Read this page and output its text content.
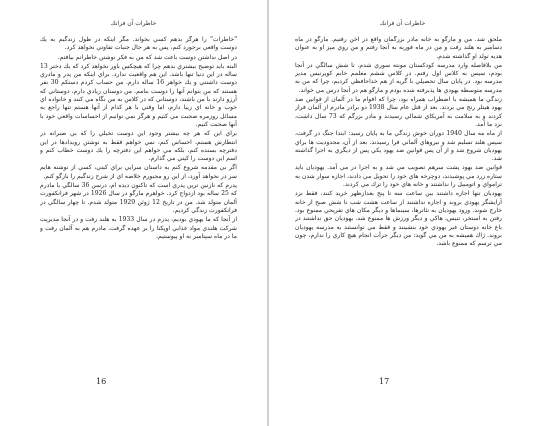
خاطرات آن فرانك

"خاطرات" را هرگز بدهم كسي بخواند. مگر اينكه در طول زندگيم به يك دوست واقعي برخورد كنم، پس به هر حال جنبات تفاوتي نخواهد كرد.

در اصل نداشتن دوست باعث شد كه من به فكر نوشتن خاطراتم بيافتم.

البته بايد توضيح بيشتري بدهم چرا كه هيچكس باور نخواهد كرد كه يك دختر 13 ساله در اين دنيا تنها باشد. اين هم واقعيت ندارد. براي اينكه من پدر و مادري دوست داشتني و يك خواهر 16 ساله دارم. من حساب كردم دستكم 30 نفر هستند كه من بتوانم آنها را دوست بنامم. من دوستان زيادي دارم، دوستاني كه آرزو دارند با من باشند، دوستاني كه در كلاس به من نگاه مي كنند و خانواده اي خوب و خانه اي زيبا دارم، اما وقتي با هر كدام از آنها هستم تنها راجع به مسائل روزمره صحبت مي كنيم و هرگز نمي توانيم از احساسات واقعي خود با آنها صحبت كنيم.

براي اين كه هر چه بيشتر وجود اين دوست تخيلي را كه بي صبرانه در انتظارش هستم، احساس كنم، نمي خواهم فقط به نوشتن رويدادها در اين دفترچه بسنده كنم، بلكه مي خواهم اين دفترچه را يك دوست خطاب كنم و اسم اين دوست را كيتي مي گذارم.

اگر بي مقدمه شروع كنم به داستان سرايي براي كيتي، كسي از نوشته هايم سر در نخواهد آورد، از اين رو مجبورم خلاصه اي از شرح زندگيم را بازگو كنم.

پدرم كه نازنين ترين پدري است كه تاكنون ديده ام، درسن 36 سالگي با مادرم كه 25 ساله بود ازدواج كرد. خواهرم مارگو در سال 1926 در شهر فرانكفورت آلمان متولد شد. من در تاريخ 12 ژوئن 1929 متولد شدم. تا چهار سالگي در فرانكفورت زندگي كرديم.

از آنجا كه ما يهودي بوديم، پدرم در سال 1933 به هلند رفت و در آنجا مديريت شركت هلندي مواد غذايي اوپكتا را بر عهده گرفت. مادرم هم به آلمان رفت و ما در ماه سپتامبر به او پيوستيم.

16
خاطرات آن فرانك

ملحق شد. من و مارگو به خانه مادر بزرگمان واقع در آخن رفتيم. مارگو در ماه دسامبر به هلند رفت و من در ماه فوريه به آنجا رفتم و من روي ميز او به عنوان هديه تولد او گذاشته شدم.

من بلافاصله وارد مدرسه كودكستان مونته سوري شدم. تا شش سالگي در آنجا بودم، سپس به كلاس اول رفتم. در كلاس ششم معلمم خانم كوپرنيس مدير مدرسه بود. در پايان سال تحصيلي با گريه از هم خداحافظي كرديم، چرا كه من به مدرسه متوسطه يهودي ها پذيرفته شده بودم و مارگو هم در آنجا درس مي خواند.

زندگي ما هميشه با اضطراب همراه بود، چرا كه اقوام ما در آلمان از قوانين ضد يهود هيتلر رنج مي بردند. بعد از قتل عام سال 1938 دو برادر مادرم از آلمان فرار كردند و به سلامت به آمريكاي شمالي رسيدند و مادر بزرگم كه 73 سال داشت، نزد ما آمد.

از ماه مه سال 1940 دوران خوش زندگي ما به پايان رسيد: ابتدا جنگ در گرفت، سپس هلند تسليم شد و نيروهاي آلماني فرا رسيدند. بعد از آن، محدوديت ها براي يهوديان شروع شد و از آن پس قوانين ضد يهود يكي پس از ديگري به اجرا گذاشته شد.

قوانين ضد يهود پشت سرهم تصويب مي شد و به اجرا در مي آمد. يهوديان بايد ستاره زرد مي پوشيدند، دوچرخه هاي خود را تحويل مي دادند، اجازه سوار شدن به ترامواي و اتومبيل را نداشتند و خانه هاي خود را ترك مي كردند.

يهوديان تنها اجازه داشتند بين ساعت سه تا پنج بعدازظهر خريد كنند، فقط نزد آرايشگر يهودي بروند و اجازه نداشتند از ساعت هشت شب تا شش صبح از خانه خارج شوند. ورود يهوديان به تئاترها، سينماها و ديگر مكان هاي تفريحي ممنوع بود. رفتن به استخر، تنيس، هاكي و ديگر ورزش ها ممنوع شد. يهوديان حق نداشتند در باغ خانه دوستان غير يهودي خود بنشينند و فقط مي توانستند به مدرسه يهوديان بروند. ژاك هميشه به من مي گويد: من ديگر جرأت انجام هيچ كاري را ندارم، چون مي ترسم كه ممنوع باشد.

17
